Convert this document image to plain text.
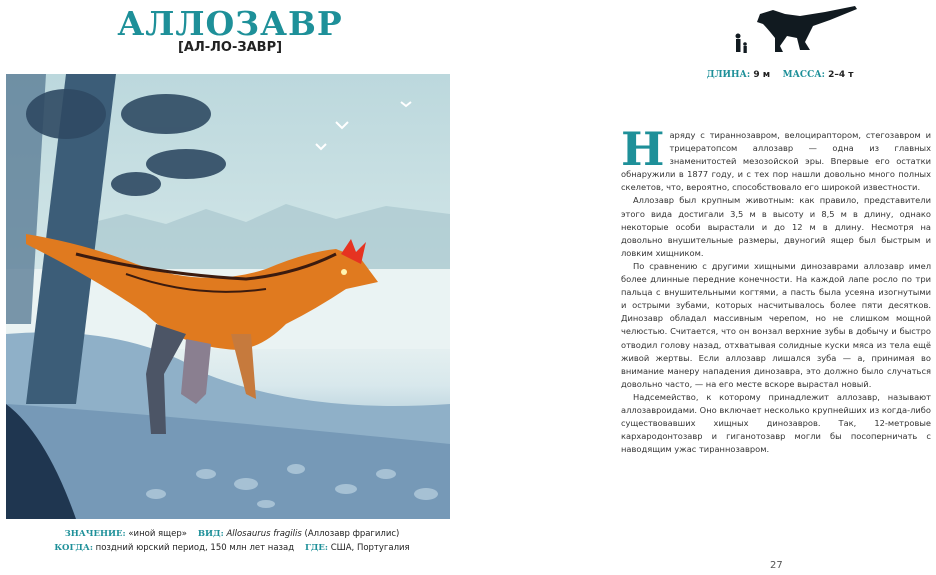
АЛЛОЗАВР
[АЛ-ЛО-ЗАВР]
ЗНАЧЕНИЕ: «иной ящер» ВИД: Allosaurus fragilis (Аллозавр фрагилис)
КОГДА: поздний юрский период, 150 млн лет назад ГДЕ: США, Португалия
ДЛИНА: 9 м МАССА: 2–4 т

Наряду с тираннозавром, велоцираптором, стегозавром и трицератопсом аллозавр — одна из главных знаменитостей мезозойской эры. Впервые его остатки обнаружили в 1877 году, и с тех пор нашли довольно много полных скелетов, что, вероятно, способствовало его широкой известности.

Аллозавр был крупным животным: как правило, представители этого вида достигали 3,5 м в высоту и 8,5 м в длину, однако некоторые особи вырастали и до 12 м в длину. Несмотря на довольно внушительные размеры, двуногий ящер был быстрым и ловким хищником.

По сравнению с другими хищными динозаврами аллозавр имел более длинные передние конечности. На каждой лапе росло по три пальца с внушительными когтями, а пасть была усеяна изогнутыми и острыми зубами, которых насчитывалось более пяти десятков. Динозавр обладал массивным черепом, но не слишком мощной челюстью. Считается, что он вонзал верхние зубы в добычу и быстро отводил голову назад, отхватывая солидные куски мяса из тела ещё живой жертвы. Если аллозавр лишался зуба — а, принимая во внимание манеру нападения динозавра, это должно было случаться довольно часто, — на его месте вскоре вырастал новый.

Надсемейство, к которому принадлежит аллозавр, называют аллозавроидами. Оно включает несколько крупнейших из когда-либо существовавших хищных динозавров. Так, 12-метровые кархародонтозавр и гиганотозавр могли бы посоперничать с наводящим ужас тираннозавром.

27
